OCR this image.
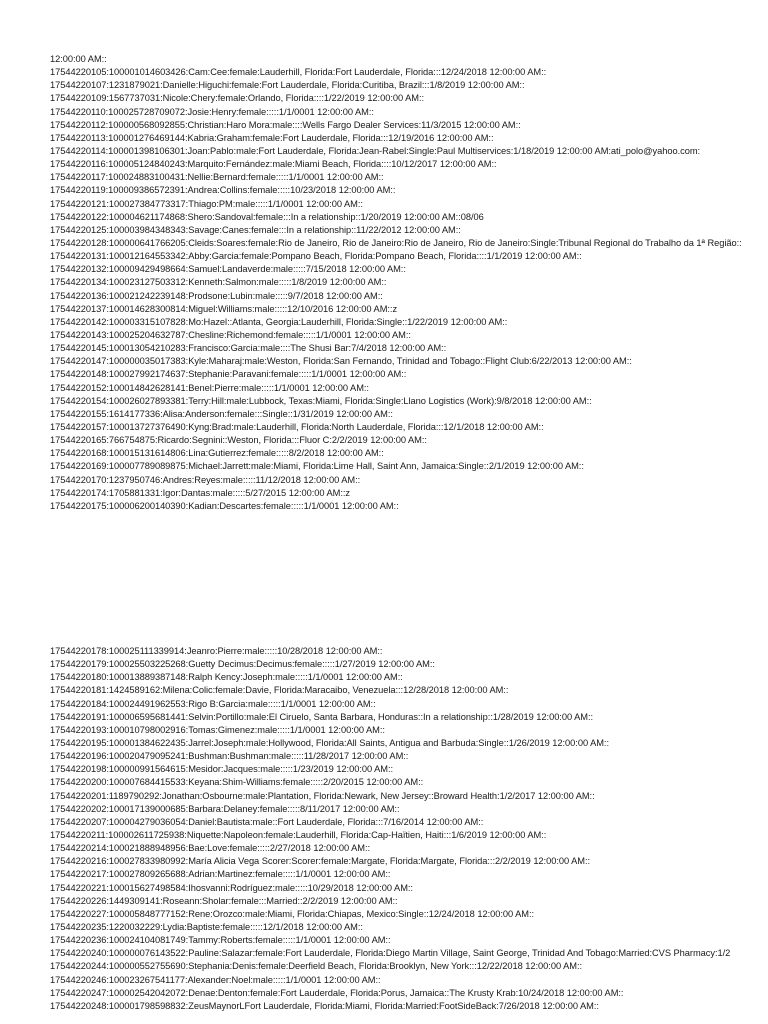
12:00:00 AM::
17544220105:100001014603426:Cam:Cee:female:Lauderhill, Florida:Fort Lauderdale, Florida:::12/24/2018 12:00:00 AM::
17544220107:1231879021:Danielle:Higuchi:female:Fort Lauderdale, Florida:Curitiba, Brazil:::1/8/2019 12:00:00 AM::
17544220109:1567737031:Nicole:Chery:female:Orlando, Florida::::1/22/2019 12:00:00 AM::
17544220110:100025728709072:Josie:Henry:female:::::1/1/0001 12:00:00 AM::
17544220112:100000568092855:Christian:Haro Mora:male::::Wells Fargo Dealer Services:11/3/2015 12:00:00 AM::
17544220113:100001276469144:Kabria:Graham:female:Fort Lauderdale, Florida:::12/19/2016 12:00:00 AM::
17544220114:100001398106301:Joan:Pablo:male:Fort Lauderdale, Florida:Jean-Rabel:Single:Paul Multiservices:1/18/2019 12:00:00 AM:ati_polo@yahoo.com:
17544220116:100005124840243:Marquito:Fernández:male:Miami Beach, Florida::::10/12/2017 12:00:00 AM::
17544220117:100024883100431:Nellie:Bernard:female:::::1/1/0001 12:00:00 AM::
17544220119:100009386572391:Andrea:Collins:female:::::10/23/2018 12:00:00 AM::
17544220121:100027384773317:Thiago:PM:male:::::1/1/0001 12:00:00 AM::
17544220122:100004621174868:Shero:Sandoval:female:::In a relationship::1/20/2019 12:00:00 AM::08/06
17544220125:100003984348343:Savage:Canes:female:::In a relationship::11/22/2012 12:00:00 AM::
17544220128:100000641766205:Cleids:Soares:female:Rio de Janeiro, Rio de Janeiro:Rio de Janeiro, Rio de Janeiro:Single:Tribunal Regional do Trabalho da 1ª Região::
17544220131:100012164553342:Abby:Garcia:female:Pompano Beach, Florida:Pompano Beach, Florida::::1/1/2019 12:00:00 AM::
17544220132:100009429498664:Samuel:Landaverde:male:::::7/15/2018 12:00:00 AM::
17544220134:100023127503312:Kenneth:Salmon:male:::::1/8/2019 12:00:00 AM::
17544220136:100021242239148:Prodsone:Lubin:male:::::9/7/2018 12:00:00 AM::
17544220137:100014628300814:Miguel:Williams:male:::::12/10/2016 12:00:00 AM::z
17544220142:100003315107828:Mo:Hazel::Atlanta, Georgia:Lauderhill, Florida:Single::1/22/2019 12:00:00 AM::
17544220143:100025204632787:Chesline:Richemond:female:::::1/1/0001 12:00:00 AM::
17544220145:100013054210283:Francisco:Garcia:male::::The Shusi Bar:7/4/2018 12:00:00 AM::
17544220147:100000035017383:Kyle:Maharaj:male:Weston, Florida:San Fernando, Trinidad and Tobago::Flight Club:6/22/2013 12:00:00 AM::
17544220148:100027992174637:Stephanie:Paravani:female:::::1/1/0001 12:00:00 AM::
17544220152:100014842628141:Benel:Pierre:male:::::1/1/0001 12:00:00 AM::
17544220154:100026027893381:Terry:Hill:male:Lubbock, Texas:Miami, Florida:Single:Llano Logistics (Work):9/8/2018 12:00:00 AM::
17544220155:1614177336:Alisa:Anderson:female:::Single::1/31/2019 12:00:00 AM::
17544220157:100013727376490:Kyng:Brad:male:Lauderhill, Florida:North Lauderdale, Florida:::12/1/2018 12:00:00 AM::
17544220165:766754875:Ricardo:Segnini::Weston, Florida:::Fluor C:2/2/2019 12:00:00 AM::
17544220168:100015131614806:Lina:Gutierrez:female:::::8/2/2018 12:00:00 AM::
17544220169:100007789089875:Michael:Jarrett:male:Miami, Florida:Lime Hall, Saint Ann, Jamaica:Single::2/1/2019 12:00:00 AM::
17544220170:1237950746:Andres:Reyes:male:::::11/12/2018 12:00:00 AM::
17544220174:1705881331:Igor:Dantas:male:::::5/27/2015 12:00:00 AM::z
17544220175:100006200140390:Kadian:Descartes:female:::::1/1/0001 12:00:00 AM::
17544220178:100025111339914:Jeanro:Pierre:male:::::10/28/2018 12:00:00 AM::
17544220179:100025503225268:Guetty Decimus:Decimus:female:::::1/27/2019 12:00:00 AM::
17544220180:100013889387148:Ralph Kency:Joseph:male:::::1/1/0001 12:00:00 AM::
17544220181:1424589162:Milena:Colic:female:Davie, Florida:Maracaibo, Venezuela:::12/28/2018 12:00:00 AM::
17544220184:100024491962553:Rigo B:Garcia:male:::::1/1/0001 12:00:00 AM::
17544220191:100006595681441:Selvin:Portillo:male:El Ciruelo, Santa Barbara, Honduras::In a relationship::1/28/2019 12:00:00 AM::
17544220193:100010798002916:Tomas:Gimenez:male:::::1/1/0001 12:00:00 AM::
17544220195:100001384622435:Jarrel:Joseph:male:Hollywood, Florida:All Saints, Antigua and Barbuda:Single::1/26/2019 12:00:00 AM::
17544220196:100020479095241:Bushman:Bushman:male:::::11/28/2017 12:00:00 AM::
17544220198:100000991564615:Mesidor:Jacques:male:::::1/23/2019 12:00:00 AM::
17544220200:100007684415533:Keyana:Shim-Williams:female:::::2/20/2015 12:00:00 AM::
17544220201:1189790292:Jonathan:Osbourne:male:Plantation, Florida:Newark, New Jersey::Broward Health:1/2/2017 12:00:00 AM::
17544220202:100017139000685:Barbara:Delaney:female:::::8/11/2017 12:00:00 AM::
17544220207:100004279036054:Daniel:Bautista:male::Fort Lauderdale, Florida:::7/16/2014 12:00:00 AM::
17544220211:100002611725938:Niquette:Napoleon:female:Lauderhill, Florida:Cap-Haïtien, Haiti:::1/6/2019 12:00:00 AM::
17544220214:100021888948956:Bae:Love:female:::::2/27/2018 12:00:00 AM::
17544220216:100027833980992:María Alicia Vega Scorer:Scorer:female:Margate, Florida:Margate, Florida:::2/2/2019 12:00:00 AM::
17544220217:100027809265688:Adrian:Martinez:female:::::1/1/0001 12:00:00 AM::
17544220221:100015627498584:Ihosvanni:Rodríguez:male:::::10/29/2018 12:00:00 AM::
17544220226:1449309141:Roseann:Sholar:female:::Married::2/2/2019 12:00:00 AM::
17544220227:100005848777152:Rene:Orozco:male:Miami, Florida:Chiapas, Mexico:Single::12/24/2018 12:00:00 AM::
17544220235:1220032229:Lydia:Baptiste:female:::::12/1/2018 12:00:00 AM::
17544220236:100024104081749:Tammy:Roberts:female:::::1/1/0001 12:00:00 AM::
17544220240:100000076143522:Pauline:Salazar:female:Fort Lauderdale, Florida:Diego Martin Village, Saint George, Trinidad And Tobago:Married:CVS Pharmacy:1/2
17544220244:100000552755690:Stephania:Denis:female:Deerfield Beach, Florida:Brooklyn, New York:::12/22/2018 12:00:00 AM::
17544220246:100023267541177:Alexander:Noel:male:::::1/1/0001 12:00:00 AM::
17544220247:100002542042072:Denae:Denton:female:Fort Lauderdale, Florida:Porus, Jamaica::The Krusty Krab:10/24/2018 12:00:00 AM::
17544220248:100001798598832:ZeusMaynorLFort Lauderdale, Florida:Miami, Florida:Married:FootSideBack:7/26/2018 12:00:00 AM::
